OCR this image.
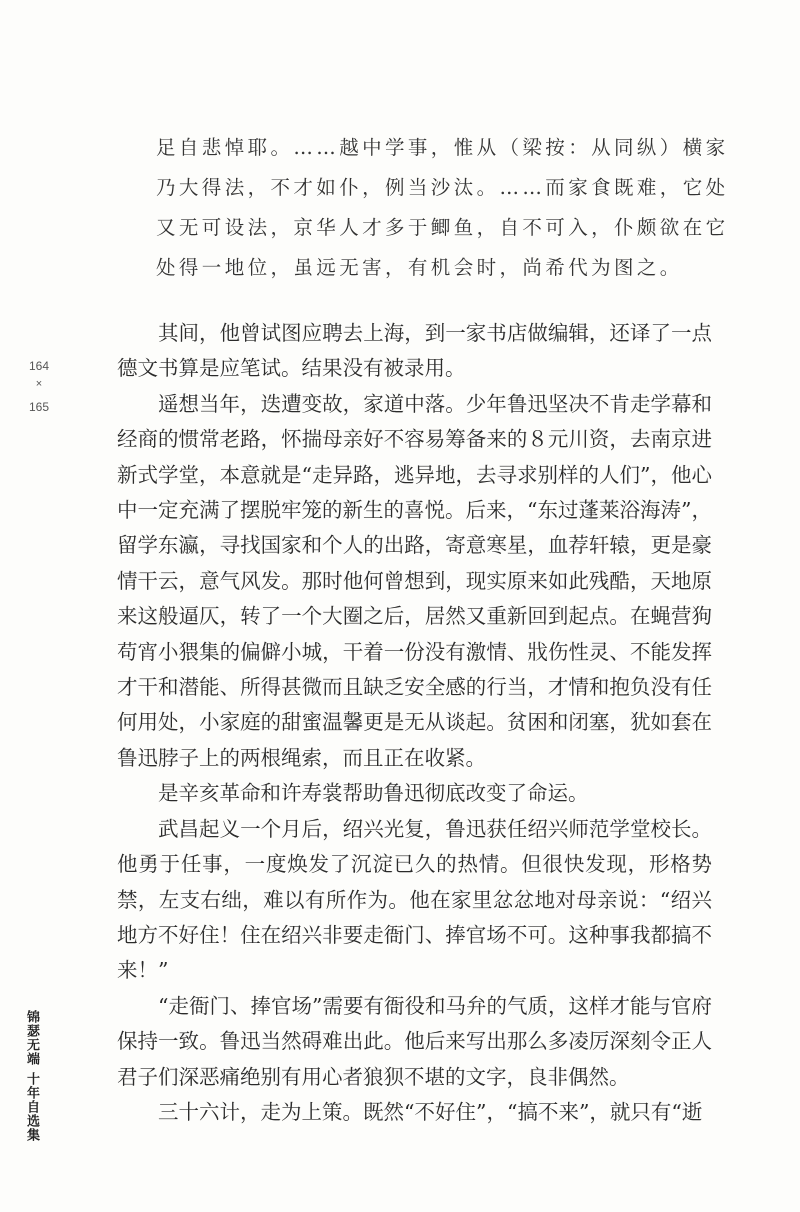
足自悲悼耶。……越中学事，惟从（梁按：从同纵）横家
乃大得法，不才如仆，例当沙汰。……而家食既难，它处
又无可设法，京华人才多于鲫鱼，自不可入，仆颇欲在它
处得一地位，虽远无害，有机会时，尚希代为图之。

其间，他曾试图应聘去上海，到一家书店做编辑，还译了一点德文书算是应笔试。结果没有被录用。

遥想当年，迭遭变故，家道中落。少年鲁迅坚决不肯走学幕和经商的惯常老路，怀揣母亲好不容易筹备来的８元川资，去南京进新式学堂，本意就是“走异路，逃异地，去寻求别样的人们”，他心中一定充满了摆脱牢笼的新生的喜悦。后来，“东过蓬莱浴海涛”，留学东瀛，寻找国家和个人的出路，寄意寒星，血荐轩辕，更是豪情干云，意气风发。那时他何曾想到，现实原来如此残酷，天地原来这般逼仄，转了一个大圈之后，居然又重新回到起点。在蝇营狗苟宵小猥集的偏僻小城，干着一份没有激情、戕伤性灵、不能发挥才干和潜能、所得甚微而且缺乏安全感的行当，才情和抱负没有任何用处，小家庭的甜蜜温馨更是无从谈起。贫困和闭塞，犹如套在鲁迅脖子上的两根绳索，而且正在收紧。

是辛亥革命和许寿裳帮助鲁迅彻底改变了命运。

武昌起义一个月后，绍兴光复，鲁迅获任绍兴师范学堂校长。他勇于任事，一度焕发了沉淀已久的热情。但很快发现，形格势禁，左支右绌，难以有所作为。他在家里忿忿地对母亲说：“绍兴地方不好住！住在绍兴非要走衙门、捧官场不可。这种事我都搞不来！”

“走衙门、捧官场”需要有衙役和马弁的气质，这样才能与官府保持一致。鲁迅当然碍难出此。他后来写出那么多凌厉深刻令正人君子们深恶痛绝别有用心者狼狈不堪的文字，良非偶然。

三十六计，走为上策。既然“不好住”，“搞不来”，就只有“逝

164
×
165
锦瑟无端
十年自选集
